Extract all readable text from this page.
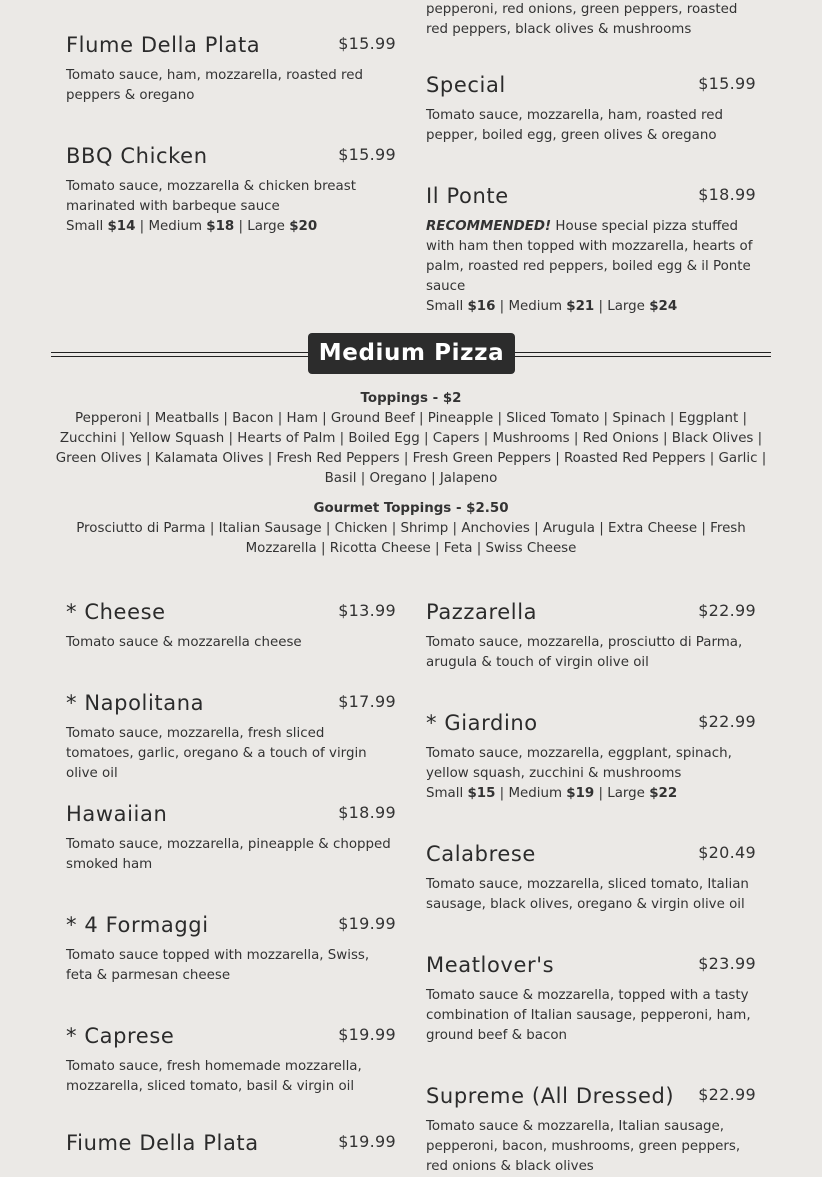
Flume Della Plata	$15.99
Tomato sauce, ham, mozzarella, roasted red peppers & oregano
BBQ Chicken	$15.99
Tomato sauce, mozzarella & chicken breast marinated with barbeque sauce
Small $14 | Medium $18 | Large $20
pepperoni, red onions, green peppers, roasted red peppers, black olives & mushrooms
Special	$15.99
Tomato sauce, mozzarella, ham, roasted red pepper, boiled egg, green olives & oregano
Il Ponte	$18.99
RECOMMENDED! House special pizza stuffed with ham then topped with mozzarella, hearts of palm, roasted red peppers, boiled egg & il Ponte sauce
Small $16 | Medium $21 | Large $24
Medium Pizza
Toppings - $2
Pepperoni | Meatballs | Bacon | Ham | Ground Beef | Pineapple | Sliced Tomato | Spinach | Eggplant | Zucchini | Yellow Squash | Hearts of Palm | Boiled Egg | Capers | Mushrooms | Red Onions | Black Olives | Green Olives | Kalamata Olives | Fresh Red Peppers | Fresh Green Peppers | Roasted Red Peppers | Garlic | Basil | Oregano | Jalapeno
Gourmet Toppings - $2.50
Prosciutto di Parma | Italian Sausage | Chicken | Shrimp | Anchovies | Arugula | Extra Cheese | Fresh Mozzarella | Ricotta Cheese | Feta | Swiss Cheese
* Cheese	$13.99
Tomato sauce & mozzarella cheese
* Napolitana	$17.99
Tomato sauce, mozzarella, fresh sliced tomatoes, garlic, oregano & a touch of virgin olive oil
Hawaiian	$18.99
Tomato sauce, mozzarella, pineapple & chopped smoked ham
* 4 Formaggi	$19.99
Tomato sauce topped with mozzarella, Swiss, feta & parmesan cheese
* Caprese	$19.99
Tomato sauce, fresh homemade mozzarella, mozzarella, sliced tomato, basil & virgin oil
Fiume Della Plata	$19.99
Pazzarella	$22.99
Tomato sauce, mozzarella, prosciutto di Parma, arugula & touch of virgin olive oil
* Giardino	$22.99
Tomato sauce, mozzarella, eggplant, spinach, yellow squash, zucchini & mushrooms
Small $15 | Medium $19 | Large $22
Calabrese	$20.49
Tomato sauce, mozzarella, sliced tomato, Italian sausage, black olives, oregano & virgin olive oil
Meatlover's	$23.99
Tomato sauce & mozzarella, topped with a tasty combination of Italian sausage, pepperoni, ham, ground beef & bacon
Supreme (All Dressed) $22.99
Tomato sauce & mozzarella, Italian sausage, pepperoni, bacon, mushrooms, green peppers, red onions & black olives
